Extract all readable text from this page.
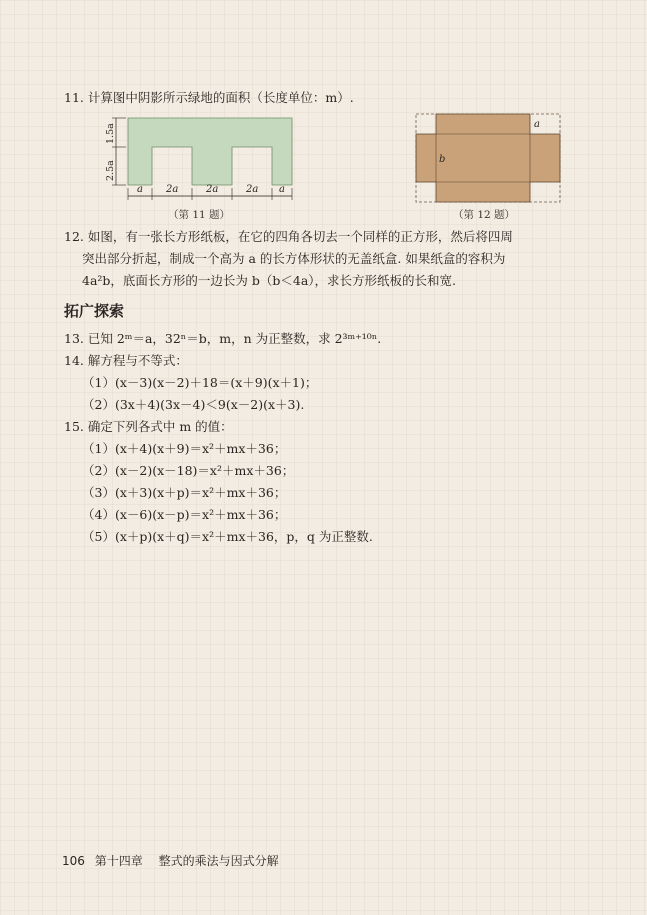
11. 计算图中阴影所示绿地的面积（长度单位：m）.
1.5a
2.5a
a 2a	2a	2a a
（第 11 题）
a
b
（第 12 题）
12. 如图，有一张长方形纸板，在它的四角各切去一个同样的正方形，然后将四周
突出部分折起，制成一个高为 a 的长方体形状的无盖纸盒. 如果纸盒的容积为
4a²b，底面长方形的一边长为 b（b＜4a），求长方形纸板的长和宽.
拓广探索
13. 已知 2ᵐ＝a，32ⁿ＝b，m，n 为正整数，求 2³ᵐ⁺¹⁰ⁿ.
14. 解方程与不等式：
（1）(x－3)(x－2)＋18＝(x＋9)(x＋1)；
（2）(3x＋4)(3x－4)＜9(x－2)(x＋3).
15. 确定下列各式中 m 的值：
（1）(x＋4)(x＋9)＝x²＋mx＋36；
（2）(x－2)(x－18)＝x²＋mx＋36；
（3）(x＋3)(x＋p)＝x²＋mx＋36；
（4）(x－6)(x－p)＝x²＋mx＋36；
（5）(x＋p)(x＋q)＝x²＋mx＋36，p，q 为正整数.
106 第十四章 整式的乘法与因式分解
